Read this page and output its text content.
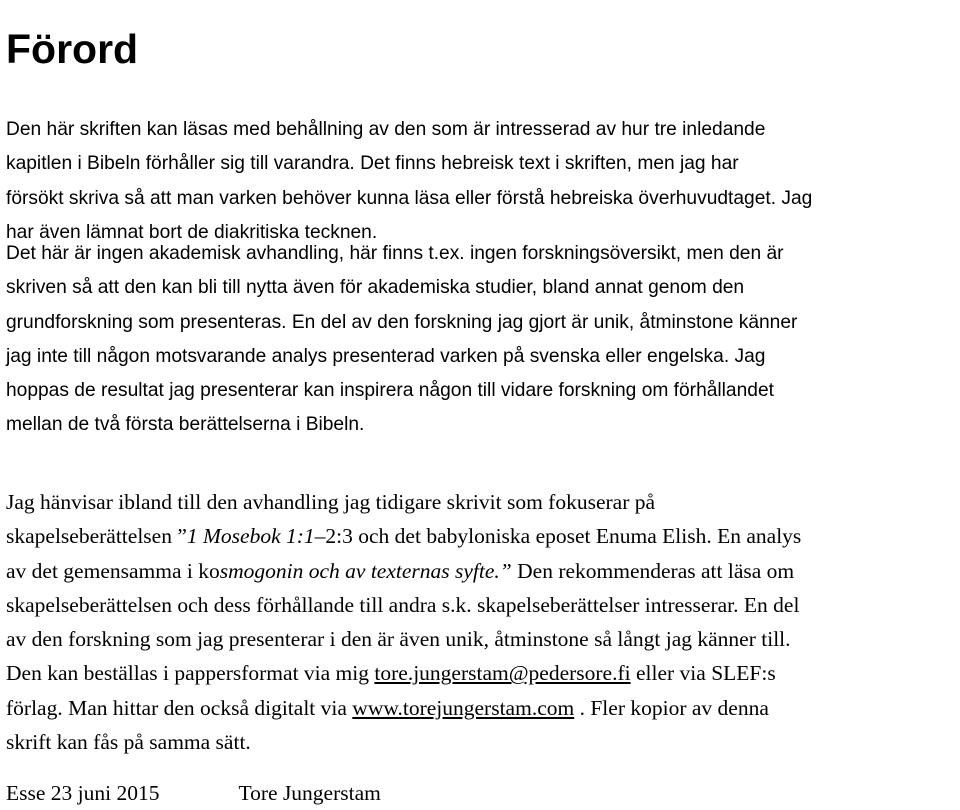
Förord

Den här skriften kan läsas med behållning av den som är intresserad av hur tre inledande
kapitlen i Bibeln förhåller sig till varandra. Det finns hebreisk text i skriften, men jag har
försökt skriva så att man varken behöver kunna läsa eller förstå hebreiska överhuvudtaget. Jag
har även lämnat bort de diakritiska tecknen.

Det här är ingen akademisk avhandling, här finns t.ex. ingen forskningsöversikt, men den är
skriven så att den kan bli till nytta även för akademiska studier, bland annat genom den
grundforskning som presenteras. En del av den forskning jag gjort är unik, åtminstone känner
jag inte till någon motsvarande analys presenterad varken på svenska eller engelska. Jag
hoppas de resultat jag presenterar kan inspirera någon till vidare forskning om förhållandet
mellan de två första berättelserna i Bibeln.

Jag hänvisar ibland till den avhandling jag tidigare skrivit som fokuserar på
skapelseberättelsen ”1 Mosebok 1:1–2:3 och det babyloniska eposet Enuma Elish. En analys
av det gemensamma i kosmogonin och av texternas syfte.” Den rekommenderas att läsa om
skapelseberättelsen och dess förhållande till andra s.k. skapelseberättelser intresserar. En del
av den forskning som jag presenterar i den är även unik, åtminstone så långt jag känner till.
Den kan beställas i pappersformat via mig tore.jungerstam@pedersore.fi eller via SLEF:s
förlag. Man hittar den också digitalt via www.torejungerstam.com . Fler kopior av denna
skrift kan fås på samma sätt.

Esse 23 juni 2015	Tore Jungerstam
